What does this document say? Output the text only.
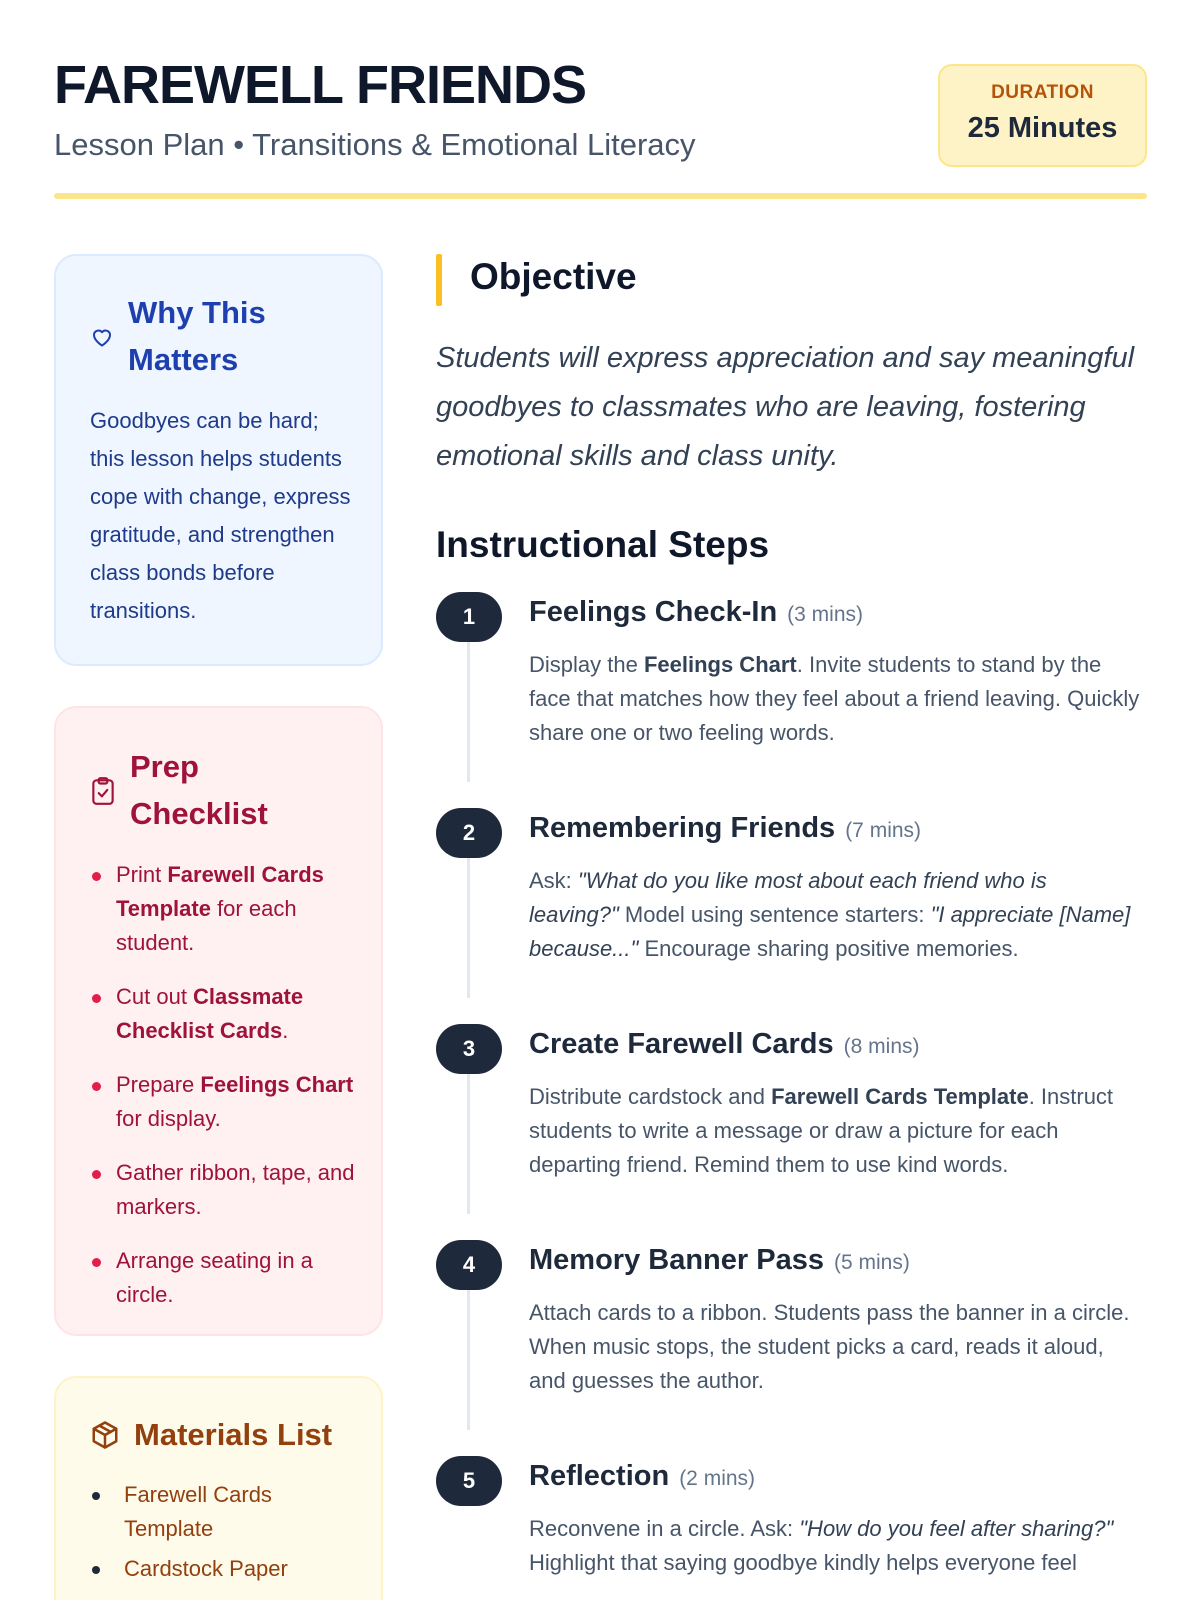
FAREWELL FRIENDS
Lesson Plan • Transitions & Emotional Literacy
DURATION
25 Minutes
Why This Matters
Goodbyes can be hard; this lesson helps students cope with change, express gratitude, and strengthen class bonds before transitions.
Prep Checklist
Print Farewell Cards Template for each student.
Cut out Classmate Checklist Cards.
Prepare Feelings Chart for display.
Gather ribbon, tape, and markers.
Arrange seating in a circle.
Materials List
Farewell Cards Template
Cardstock Paper
Objective
Students will express appreciation and say meaningful goodbyes to classmates who are leaving, fostering emotional skills and class unity.
Instructional Steps
1	Feelings Check-In (3 mins)
Display the Feelings Chart. Invite students to stand by the face that matches how they feel about a friend leaving. Quickly share one or two feeling words.
2	Remembering Friends (7 mins)
Ask: "What do you like most about each friend who is leaving?" Model using sentence starters: "I appreciate [Name] because..." Encourage sharing positive memories.
3	Create Farewell Cards (8 mins)
Distribute cardstock and Farewell Cards Template. Instruct students to write a message or draw a picture for each departing friend. Remind them to use kind words.
4	Memory Banner Pass (5 mins)
Attach cards to a ribbon. Students pass the banner in a circle. When music stops, the student picks a card, reads it aloud, and guesses the author.
5	Reflection (2 mins)
Reconvene in a circle. Ask: "How do you feel after sharing?" Highlight that saying goodbye kindly helps everyone feel
